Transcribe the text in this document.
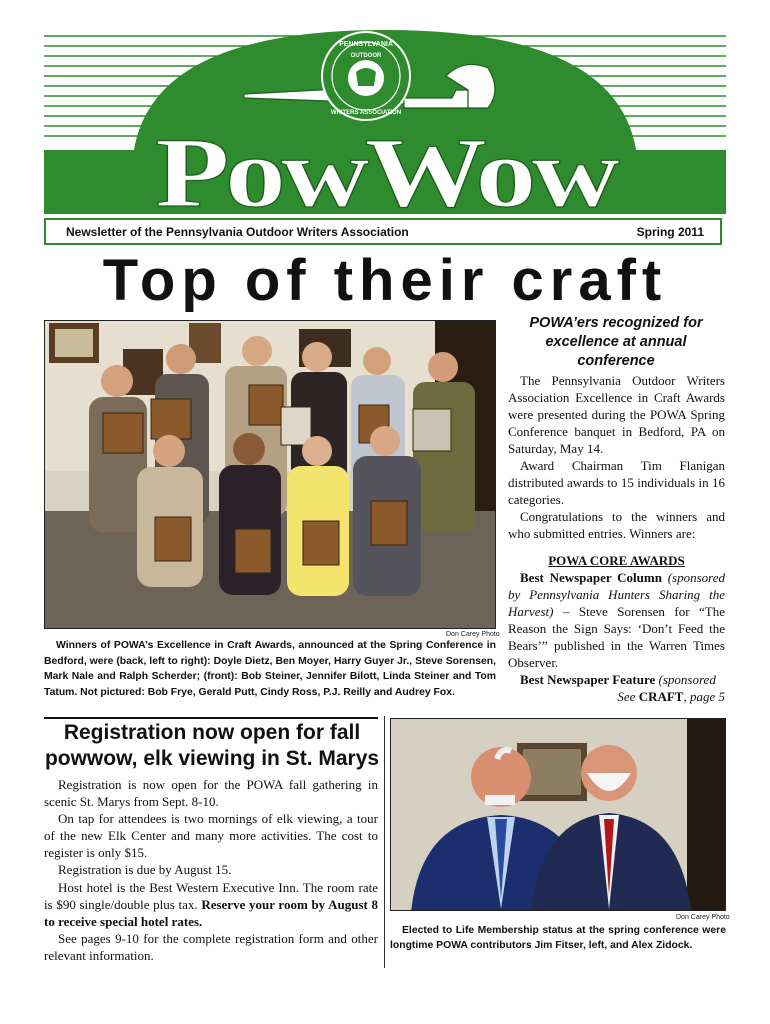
PENNSYLVANIA
OUTDOOR
WRITERS ASSOCIATION
PowWow
Newsletter of the Pennsylvania Outdoor Writers Association	Spring 2011
Top of their craft
Don Carey Photo

Winners of POWA’s Excellence in Craft Awards, announced at the Spring Conference in Bedford, were (back, left to right): Doyle Dietz, Ben Moyer, Harry Guyer Jr., Steve Sorensen, Mark Nale and Ralph Scherder; (front): Bob Steiner, Jennifer Bilott, Linda Steiner and Tom Tatum. Not pictured: Bob Frye, Gerald Putt, Cindy Ross, P.J. Reilly and Audrey Fox.

POWA’ers recognized for excellence at annual conference

The Pennsylvania Outdoor Writers Association Excellence in Craft Awards were presented during the POWA Spring Conference banquet in Bedford, PA on Saturday, May 14.

Award Chairman Tim Flanigan distributed awards to 15 individuals in 16 categories.

Congratulations to the winners and who submitted entries. Winners are:

POWA CORE AWARDS

Best Newspaper Column (sponsored by Pennsylvania Hunters Sharing the Harvest) – Steve Sorensen for “The Reason the Sign Says: ‘Don’t Feed the Bears’” published in the Warren Times Observer.

Best Newspaper Feature (sponsored

See CRAFT, page 5

Registration now open for fall powwow, elk viewing in St. Marys

Registration is now open for the POWA fall gathering in scenic St. Marys from Sept. 8-10.

On tap for attendees is two mornings of elk viewing, a tour of the new Elk Center and many more activities. The cost to register is only $15.

Registration is due by August 15.

Host hotel is the Best Western Executive Inn. The room rate is $90 single/double plus tax. Reserve your room by August 8 to receive special hotel rates.

See pages 9-10 for the complete registration form and other relevant information.

Don Carey Photo

Elected to Life Membership status at the spring conference were longtime POWA contributors Jim Fitser, left, and Alex Zidock.
